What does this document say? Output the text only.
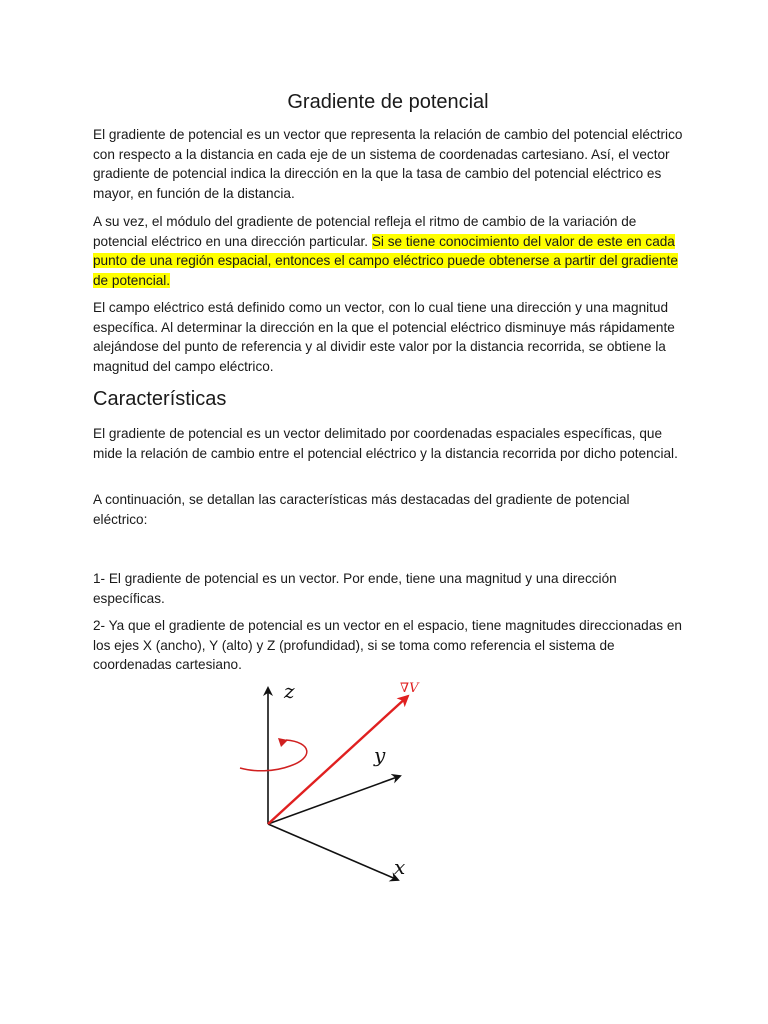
Gradiente de potencial

El gradiente de potencial es un vector que representa la relación de cambio del potencial eléctrico con respecto a la distancia en cada eje de un sistema de coordenadas cartesiano. Así, el vector gradiente de potencial indica la dirección en la que la tasa de cambio del potencial eléctrico es mayor, en función de la distancia.

A su vez, el módulo del gradiente de potencial refleja el ritmo de cambio de la variación de potencial eléctrico en una dirección particular. Si se tiene conocimiento del valor de este en cada punto de una región espacial, entonces el campo eléctrico puede obtenerse a partir del gradiente de potencial.

El campo eléctrico está definido como un vector, con lo cual tiene una dirección y una magnitud específica. Al determinar la dirección en la que el potencial eléctrico disminuye más rápidamente alejándose del punto de referencia y al dividir este valor por la distancia recorrida, se obtiene la magnitud del campo eléctrico.

Características

El gradiente de potencial es un vector delimitado por coordenadas espaciales específicas, que mide la relación de cambio entre el potencial eléctrico y la distancia recorrida por dicho potencial.

A continuación, se detallan las características más destacadas del gradiente de potencial eléctrico:

1- El gradiente de potencial es un vector. Por ende, tiene una magnitud y una dirección específicas.

2- Ya que el gradiente de potencial es un vector en el espacio, tiene magnitudes direccionadas en los ejes X (ancho), Y (alto) y Z (profundidad), si se toma como referencia el sistema de coordenadas cartesiano.

z
y
x
∇V
